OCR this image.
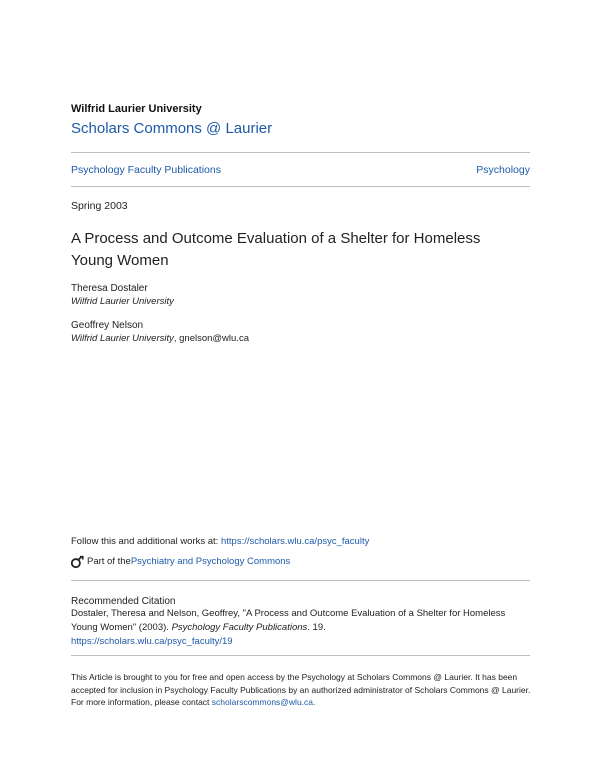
Wilfrid Laurier University
Scholars Commons @ Laurier
Psychology Faculty Publications	Psychology
Spring 2003
A Process and Outcome Evaluation of a Shelter for Homeless Young Women
Theresa Dostaler
Wilfrid Laurier University
Geoffrey Nelson
Wilfrid Laurier University, gnelson@wlu.ca
Follow this and additional works at: https://scholars.wlu.ca/psyc_faculty
Part of the Psychiatry and Psychology Commons
Recommended Citation
Dostaler, Theresa and Nelson, Geoffrey, "A Process and Outcome Evaluation of a Shelter for Homeless Young Women" (2003). Psychology Faculty Publications. 19.
https://scholars.wlu.ca/psyc_faculty/19
This Article is brought to you for free and open access by the Psychology at Scholars Commons @ Laurier. It has been accepted for inclusion in Psychology Faculty Publications by an authorized administrator of Scholars Commons @ Laurier. For more information, please contact scholarscommons@wlu.ca.
